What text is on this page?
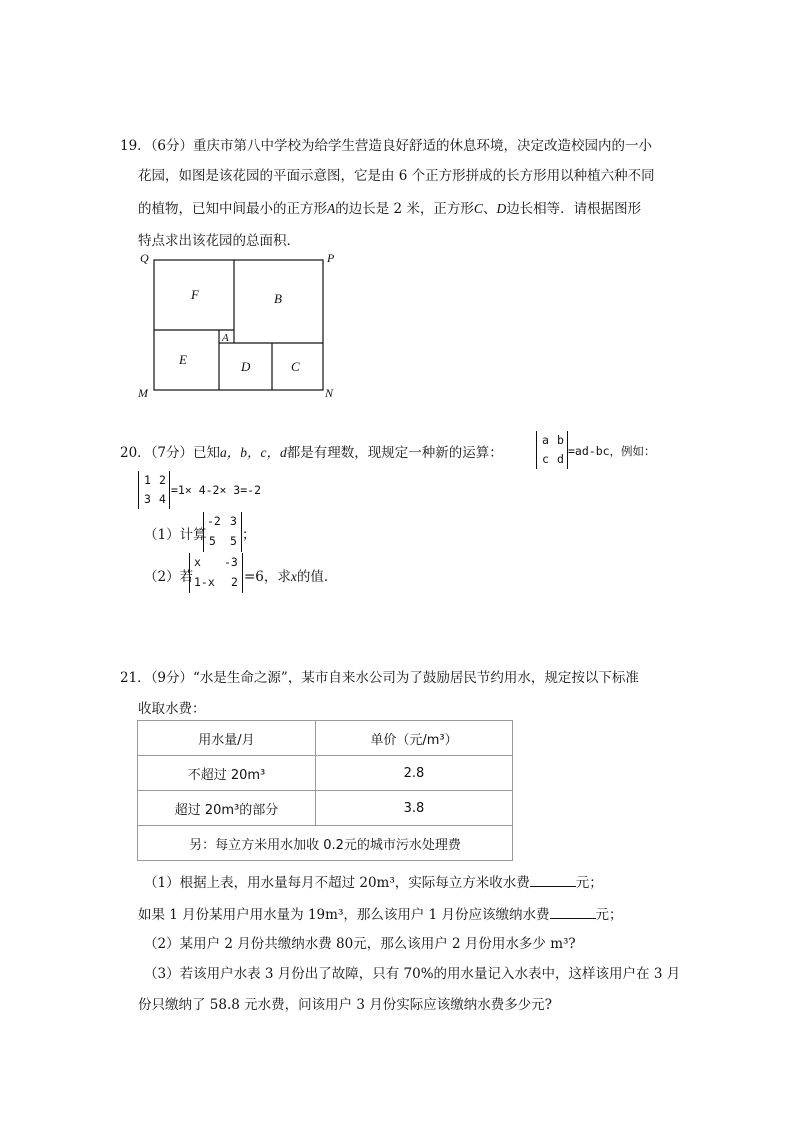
19．（6分）重庆市第八中学校为给学生营造良好舒适的休息环境，决定改造校园内的一小
花园，如图是该花园的平面示意图，它是由 6 个正方形拼成的长方形用以种植六种不同
的植物，已知中间最小的正方形A的边长是 2 米，正方形C、D边长相等．请根据图形
特点求出该花园的总面积．
Q	P
M	N
F	B
A
E	D	C
20．（7分）已知a，b，c，d都是有理数，现规定一种新的运算：
a b
c d
=ad-bc，例如：
1 2
3 4
=1× 4-2× 3=-2
（1）计算
-2 3
5 5 ；
（2）若
x -3
1-x 2 =6，求x的值．
21．（9分）“水是生命之源”，某市自来水公司为了鼓励居民节约用水，规定按以下标准
收取水费：
用水量/月	单价（元/m³）
不超过 20m³	2.8
超过 20m³的部分	3.8
另：每立方米用水加收 0.2元的城市污水处理费	
（1）根据上表，用水量每月不超过 20m³，实际每立方米收水费	元；
如果 1 月份某用户用水量为 19m³，那么该用户 1 月份应该缴纳水费	元；
（2）某用户 2 月份共缴纳水费 80元，那么该用户 2 月份用水多少 m³?
（3）若该用户水表 3 月份出了故障，只有 70%的用水量记入水表中，这样该用户在 3 月
份只缴纳了 58.8 元水费，问该用户 3 月份实际应该缴纳水费多少元?
